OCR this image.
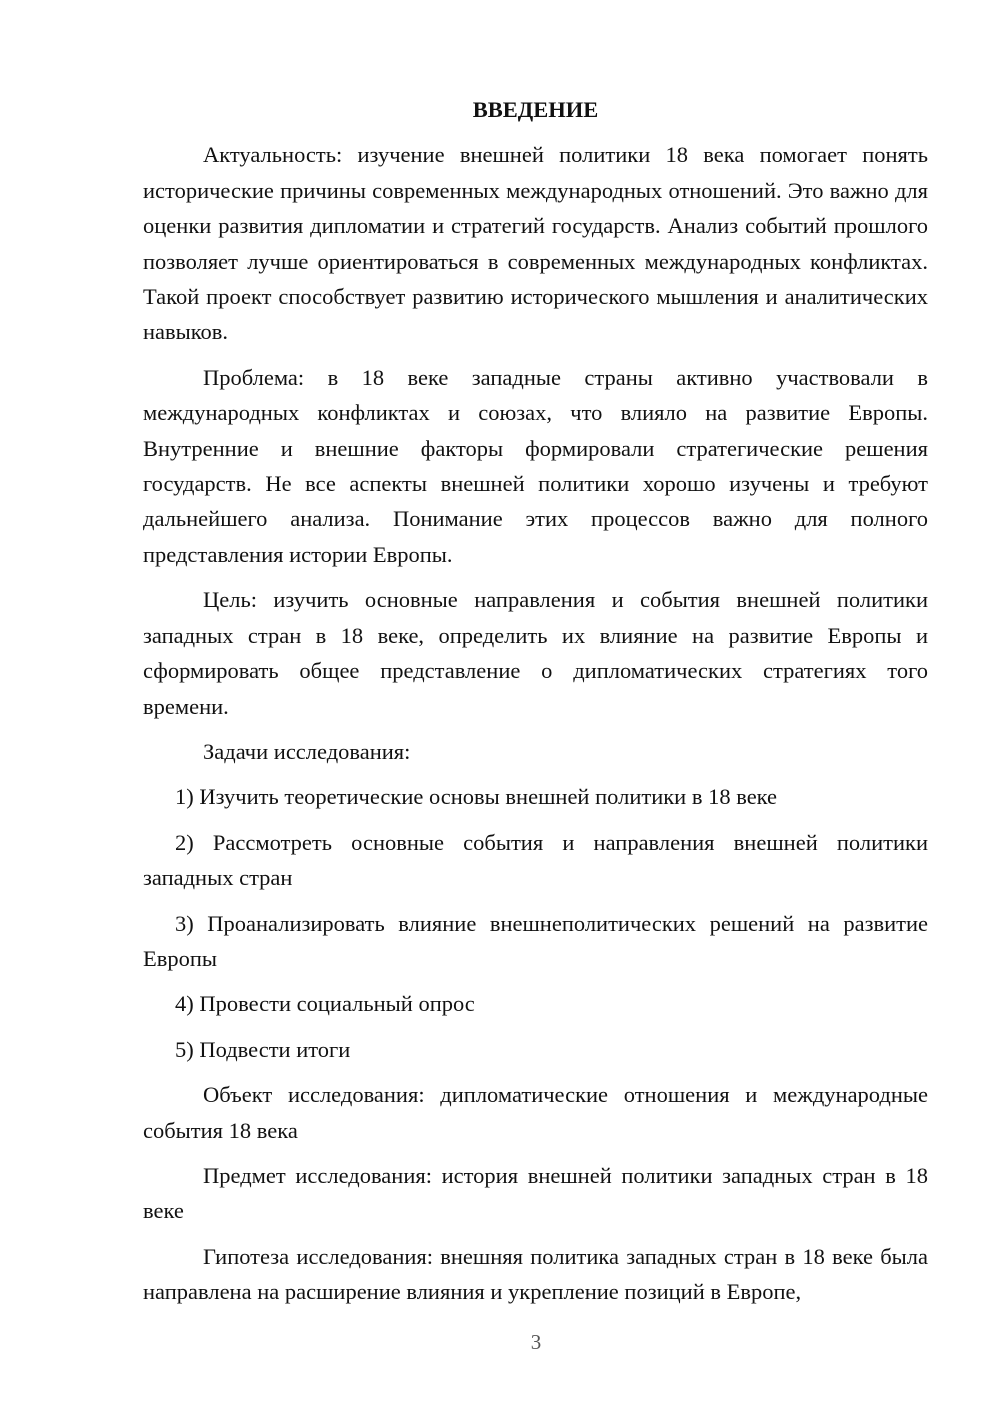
ВВЕДЕНИЕ

Актуальность: изучение внешней политики 18 века помогает понять исторические причины современных международных отношений. Это важно для оценки развития дипломатии и стратегий государств. Анализ событий прошлого позволяет лучше ориентироваться в современных международных конфликтах. Такой проект способствует развитию исторического мышления и аналитических навыков.

Проблема: в 18 веке западные страны активно участвовали в международных конфликтах и союзах, что влияло на развитие Европы. Внутренние и внешние факторы формировали стратегические решения государств. Не все аспекты внешней политики хорошо изучены и требуют дальнейшего анализа. Понимание этих процессов важно для полного представления истории Европы.

Цель: изучить основные направления и события внешней политики западных стран в 18 веке, определить их влияние на развитие Европы и сформировать общее представление о дипломатических стратегиях того времени.

Задачи исследования:

1) Изучить теоретические основы внешней политики в 18 веке

2) Рассмотреть основные события и направления внешней политики западных стран

3) Проанализировать влияние внешнеполитических решений на развитие Европы

4) Провести социальный опрос

5) Подвести итоги

Объект исследования: дипломатические отношения и международные события 18 века

Предмет исследования: история внешней политики западных стран в 18 веке

Гипотеза исследования: внешняя политика западных стран в 18 веке была направлена на расширение влияния и укрепление позиций в Европе,

3
